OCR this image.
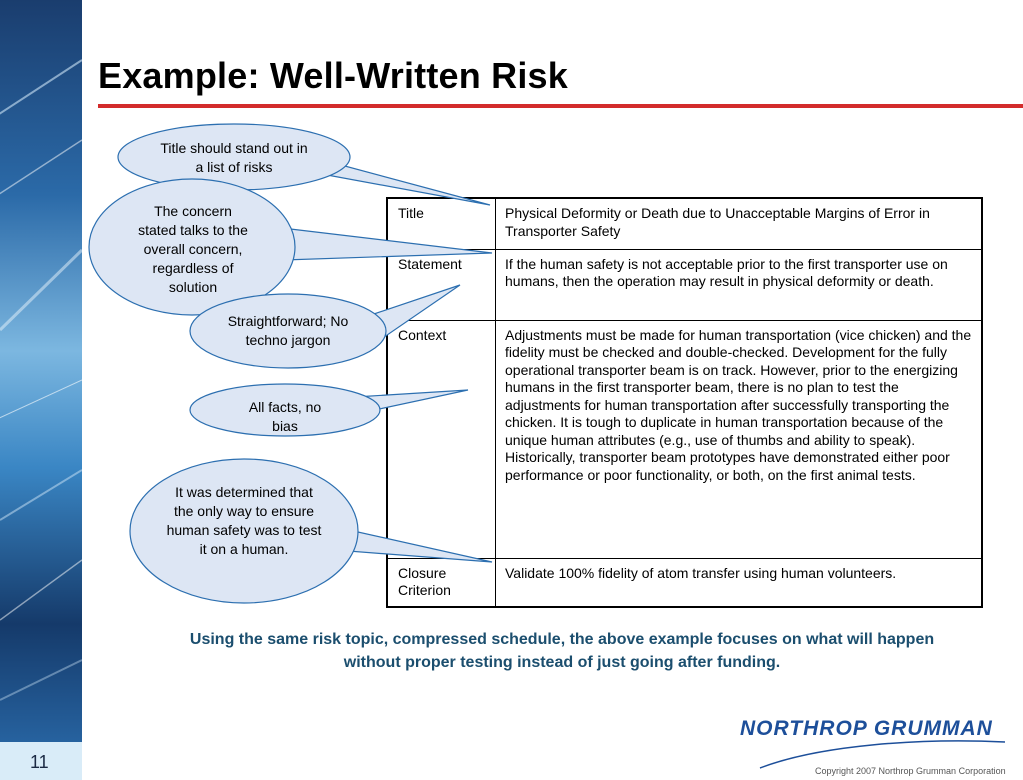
11
Example: Well-Written Risk
Title	Physical Deformity or Death due to Unacceptable Margins of Error in Transporter Safety
Statement	If the human safety is not acceptable prior to the first transporter use on humans, then the operation may result in physical deformity or death.
Context	Adjustments must be made for human transportation (vice chicken) and the fidelity must be checked and double-checked. Development for the fully operational transporter beam is on track. However, prior to the energizing humans in the first transporter beam, there is no plan to test the adjustments for human transportation after successfully transporting the chicken. It is tough to duplicate in human transportation because of the unique human attributes (e.g., use of thumbs and ability to speak). Historically, transporter beam prototypes have demonstrated either poor performance or poor functionality, or both, on the first animal tests.
Closure Criterion	Validate 100% fidelity of atom transfer using human volunteers.
Title should stand out in a list of risks
The concern stated talks to the overall concern, regardless of solution
Straightforward; No techno jargon
All facts, no bias
It was determined that the only way to ensure human safety was to test it on a human.
Using the same risk topic, compressed schedule, the above example focuses on what will happen without proper testing instead of just going after funding.
NORTHROP GRUMMAN
Copyright 2007 Northrop Grumman Corporation
